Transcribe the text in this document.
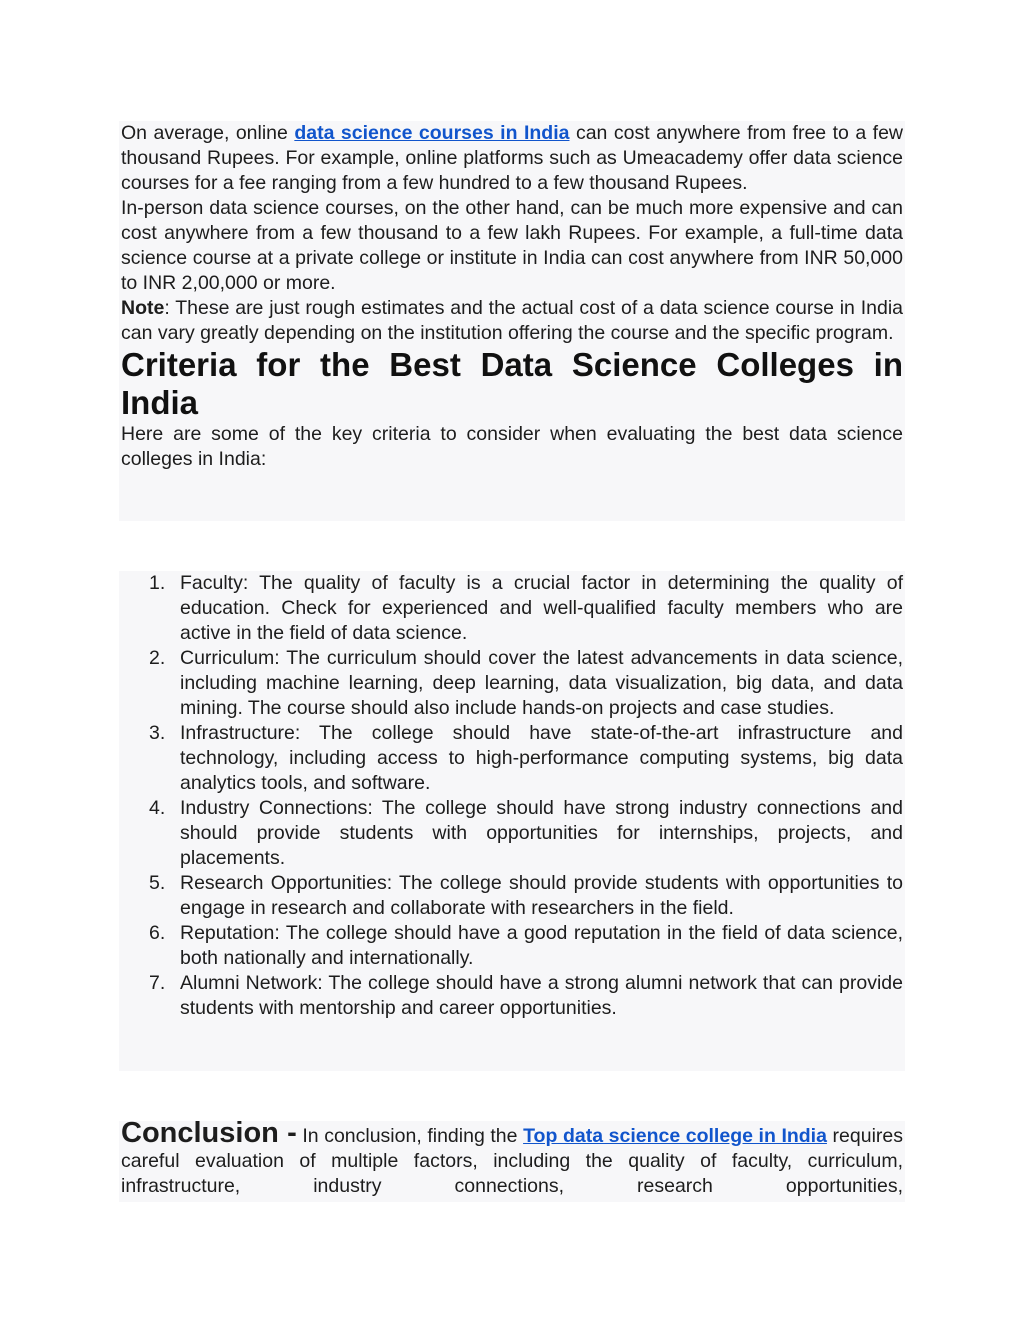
On average, online data science courses in India can cost anywhere from free to a few thousand Rupees. For example, online platforms such as Umeacademy offer data science courses for a fee ranging from a few hundred to a few thousand Rupees.

In-person data science courses, on the other hand, can be much more expensive and can cost anywhere from a few thousand to a few lakh Rupees. For example, a full-time data science course at a private college or institute in India can cost anywhere from INR 50,000 to INR 2,00,000 or more.

Note: These are just rough estimates and the actual cost of a data science course in India can vary greatly depending on the institution offering the course and the specific program.

Criteria for the Best Data Science Colleges in India

Here are some of the key criteria to consider when evaluating the best data science colleges in India:

1. Faculty: The quality of faculty is a crucial factor in determining the quality of education. Check for experienced and well-qualified faculty members who are active in the field of data science.
2. Curriculum: The curriculum should cover the latest advancements in data science, including machine learning, deep learning, data visualization, big data, and data mining. The course should also include hands-on projects and case studies.
3. Infrastructure: The college should have state-of-the-art infrastructure and technology, including access to high-performance computing systems, big data analytics tools, and software.
4. Industry Connections: The college should have strong industry connections and should provide students with opportunities for internships, projects, and placements.
5. Research Opportunities: The college should provide students with opportunities to engage in research and collaborate with researchers in the field.
6. Reputation: The college should have a good reputation in the field of data science, both nationally and internationally.
7. Alumni Network: The college should have a strong alumni network that can provide students with mentorship and career opportunities.

Conclusion - In conclusion, finding the Top data science college in India requires careful evaluation of multiple factors, including the quality of faculty, curriculum, infrastructure, industry connections, research opportunities,
